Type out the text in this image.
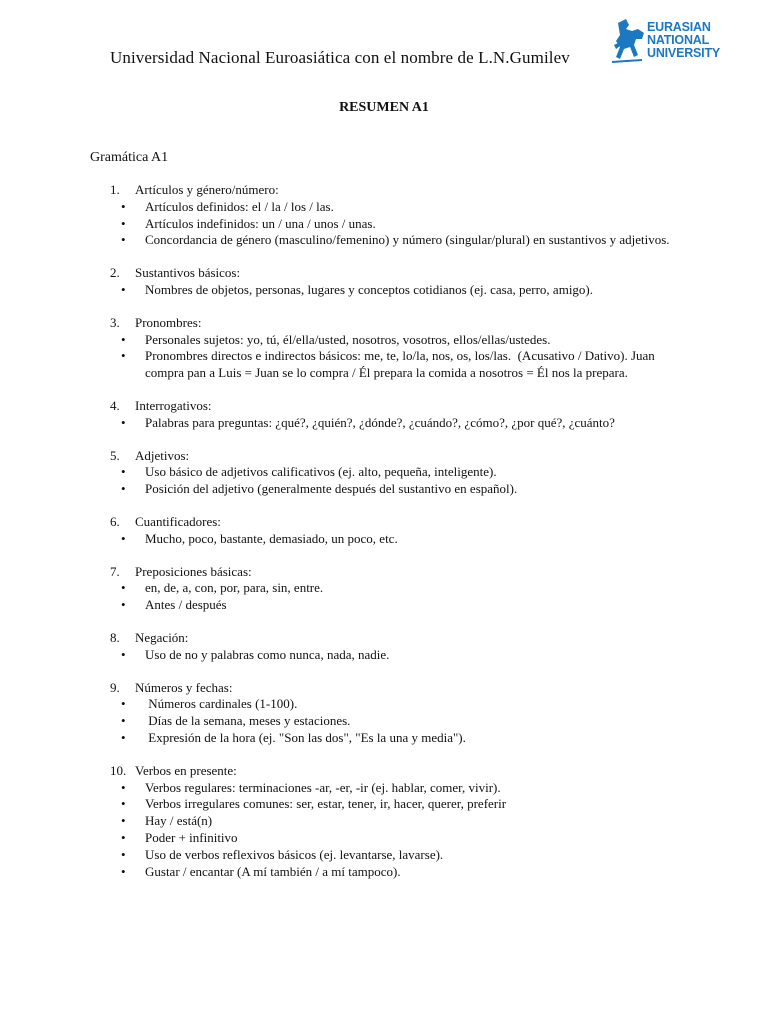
Universidad Nacional Euroasiática con el nombre de L.N.Gumilev
EURASIAN
NATIONAL
UNIVERSITY
RESUMEN A1
Gramática A1
1. Artículos y género/número:
• Artículos definidos: el / la / los / las.
• Artículos indefinidos: un / una / unos / unas.
• Concordancia de género (masculino/femenino) y número (singular/plural) en sustantivos y adjetivos.
2. Sustantivos básicos:
• Nombres de objetos, personas, lugares y conceptos cotidianos (ej. casa, perro, amigo).
3. Pronombres:
• Personales sujetos: yo, tú, él/ella/usted, nosotros, vosotros, ellos/ellas/ustedes.
• Pronombres directos e indirectos básicos: me, te, lo/la, nos, os, los/las.  (Acusativo / Dativo). Juan compra pan a Luis = Juan se lo compra / Él prepara la comida a nosotros = Él nos la prepara.
4. Interrogativos:
• Palabras para preguntas: ¿qué?, ¿quién?, ¿dónde?, ¿cuándo?, ¿cómo?, ¿por qué?, ¿cuánto?
5. Adjetivos:
• Uso básico de adjetivos calificativos (ej. alto, pequeña, inteligente).
• Posición del adjetivo (generalmente después del sustantivo en español).
6. Cuantificadores:
• Mucho, poco, bastante, demasiado, un poco, etc.
7. Preposiciones básicas:
• en, de, a, con, por, para, sin, entre.
• Antes / después
8. Negación:
• Uso de no y palabras como nunca, nada, nadie.
9. Números y fechas:
• Números cardinales (1-100).
• Días de la semana, meses y estaciones.
• Expresión de la hora (ej. "Son las dos", "Es la una y media").
10. Verbos en presente:
• Verbos regulares: terminaciones -ar, -er, -ir (ej. hablar, comer, vivir).
• Verbos irregulares comunes: ser, estar, tener, ir, hacer, querer, preferir
• Hay / está(n)
• Poder + infinitivo
• Uso de verbos reflexivos básicos (ej. levantarse, lavarse).
• Gustar / encantar (A mí también / a mí tampoco).
